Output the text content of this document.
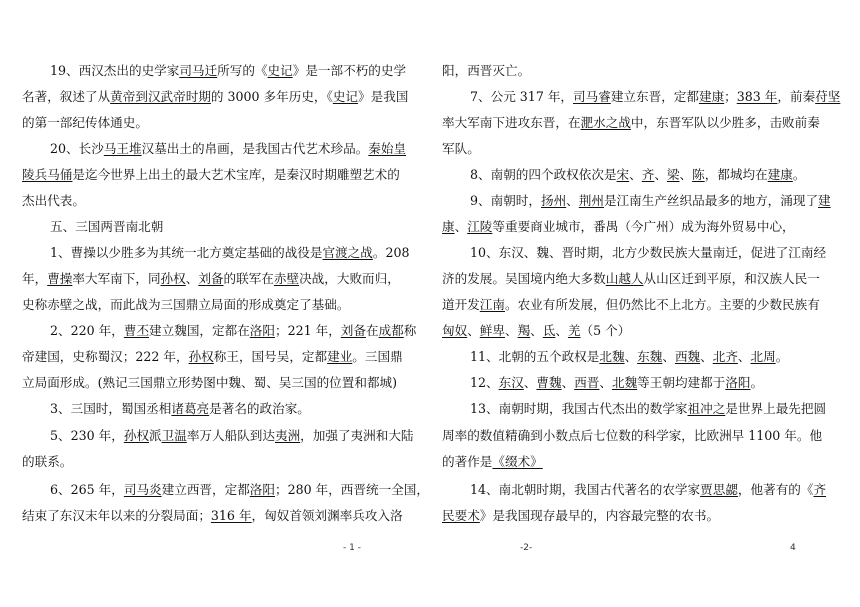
19、西汉杰出的史学家司马迁所写的《史记》是一部不朽的史学
名著，叙述了从黄帝到汉武帝时期的 3000 多年历史，《史记》是我国
的第一部纪传体通史。
20、长沙马王堆汉墓出土的帛画，是我国古代艺术珍品。秦始皇
陵兵马俑是迄今世界上出土的最大艺术宝库，是秦汉时期雕塑艺术的
杰出代表。
五、三国两晋南北朝
1、曹操以少胜多为其统一北方奠定基础的战役是官渡之战。208
年，曹操率大军南下，同孙权、刘备的联军在赤壁决战，大败而归，
史称赤壁之战，而此战为三国鼎立局面的形成奠定了基础。
2、220 年，曹丕建立魏国，定都在洛阳；221 年，刘备在成都称
帝建国，史称蜀汉；222 年，孙权称王，国号吴，定都建业。三国鼎
立局面形成。(熟记三国鼎立形势图中魏、蜀、吴三国的位置和都城)
3、三国时，蜀国丞相诸葛亮是著名的政治家。
5、230 年，孙权派卫温率万人船队到达夷洲，加强了夷洲和大陆
的联系。
6、265 年，司马炎建立西晋，定都洛阳；280 年，西晋统一全国，
结束了东汉末年以来的分裂局面；316 年，匈奴首领刘渊率兵攻入洛
阳，西晋灭亡。
7、公元 317 年，司马睿建立东晋，定都建康；383 年，前秦苻坚
率大军南下进攻东晋，在淝水之战中，东晋军队以少胜多，击败前秦
军队。
8、南朝的四个政权依次是宋、齐、梁、陈，都城均在建康。
9、南朝时，扬州、荆州是江南生产丝织品最多的地方，涌现了建
康、江陵等重要商业城市，番禺（今广州）成为海外贸易中心，
10、东汉、魏、晋时期，北方少数民族大量南迁，促进了江南经
济的发展。吴国境内绝大多数山越人从山区迁到平原，和汉族人民一
道开发江南。农业有所发展，但仍然比不上北方。主要的少数民族有
匈奴、鲜卑、羯、氐、羌（5 个）
11、北朝的五个政权是北魏、东魏、西魏、北齐、北周。
12、东汉、曹魏、西晋、北魏等王朝均建都于洛阳。
13、南朝时期，我国古代杰出的数学家祖冲之是世界上最先把圆
周率的数值精确到小数点后七位数的科学家，比欧洲早 1100 年。他
的著作是《缀术》
14、南北朝时期，我国古代著名的农学家贾思勰，他著有的《齐
民要术》是我国现存最早的，内容最完整的农书。
- 1 -	-2-	4
